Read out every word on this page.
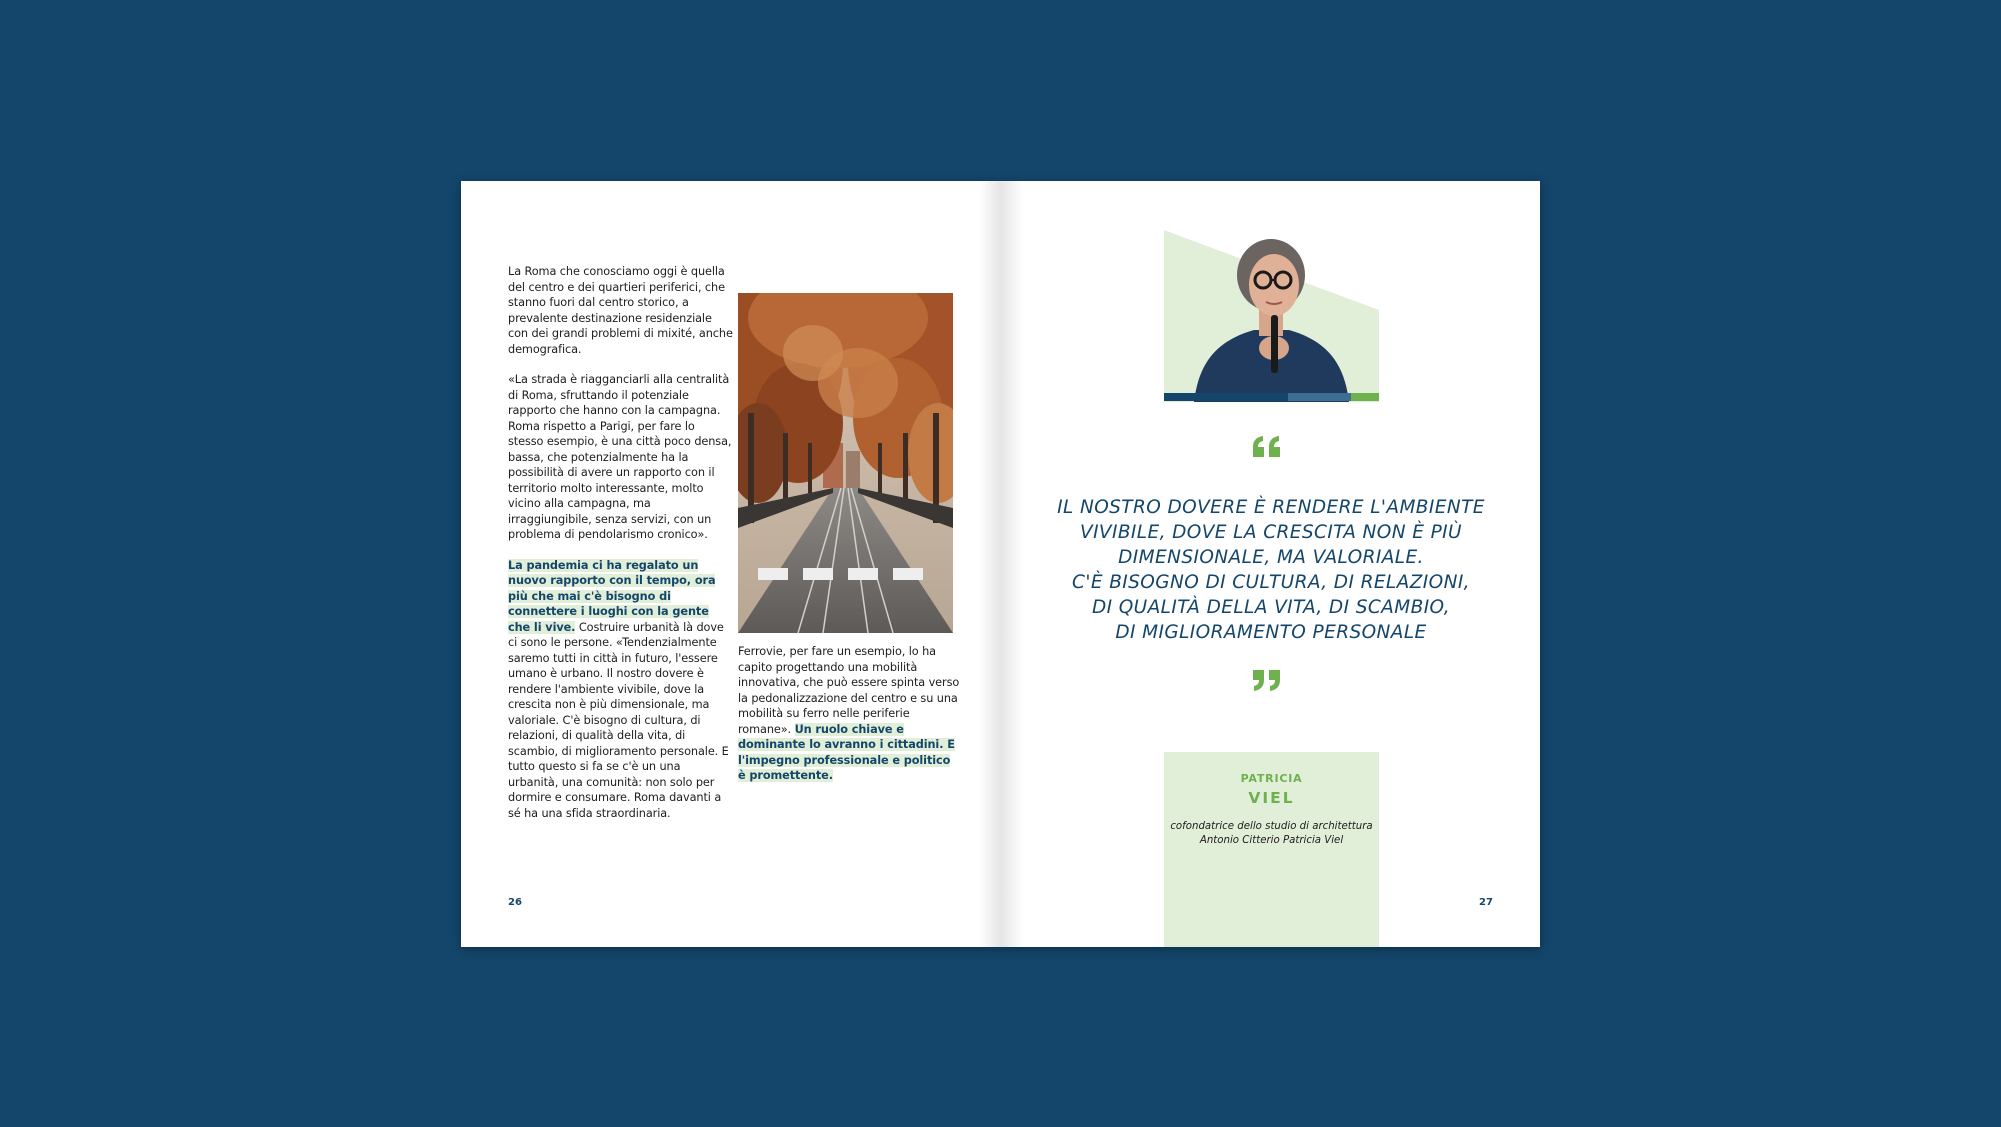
La Roma che conosciamo oggi è quella del centro e dei quartieri periferici, che stanno fuori dal centro storico, a prevalente destinazione residenziale con dei grandi problemi di mixité, anche demografica.

«La strada è riagganciarli alla centralità di Roma, sfruttando il potenziale rapporto che hanno con la campagna. Roma rispetto a Parigi, per fare lo stesso esempio, è una città poco densa, bassa, che potenzialmente ha la possibilità di avere un rapporto con il territorio molto interessante, molto vicino alla campagna, ma irraggiungibile, senza servizi, con un problema di pendolarismo cronico».

La pandemia ci ha regalato un nuovo rapporto con il tempo, ora più che mai c'è bisogno di connettere i luoghi con la gente che li vive. Costruire urbanità là dove ci sono le persone. «Tendenzialmente saremo tutti in città in futuro, l'essere umano è urbano. Il nostro dovere è rendere l'ambiente vivibile, dove la crescita non è più dimensionale, ma valoriale. C'è bisogno di cultura, di relazioni, di qualità della vita, di scambio, di miglioramento personale. E tutto questo si fa se c'è un una urbanità, una comunità: non solo per dormire e consumare. Roma davanti a sé ha una sfida straordinaria.

Ferrovie, per fare un esempio, lo ha capito progettando una mobilità innovativa, che può essere spinta verso la pedonalizzazione del centro e su una mobilità su ferro nelle periferie romane». Un ruolo chiave e dominante lo avranno i cittadini. E l'impegno professionale e politico è promettente.
26
IL NOSTRO DOVERE È RENDERE L'AMBIENTE
VIVIBILE, DOVE LA CRESCITA NON È PIÙ
DIMENSIONALE, MA VALORIALE.
C'È BISOGNO DI CULTURA, DI RELAZIONI,
DI QUALITÀ DELLA VITA, DI SCAMBIO,
DI MIGLIORAMENTO PERSONALE
PATRICIA
VIEL
cofondatrice dello studio di architettura
Antonio Citterio Patricia Viel
27
